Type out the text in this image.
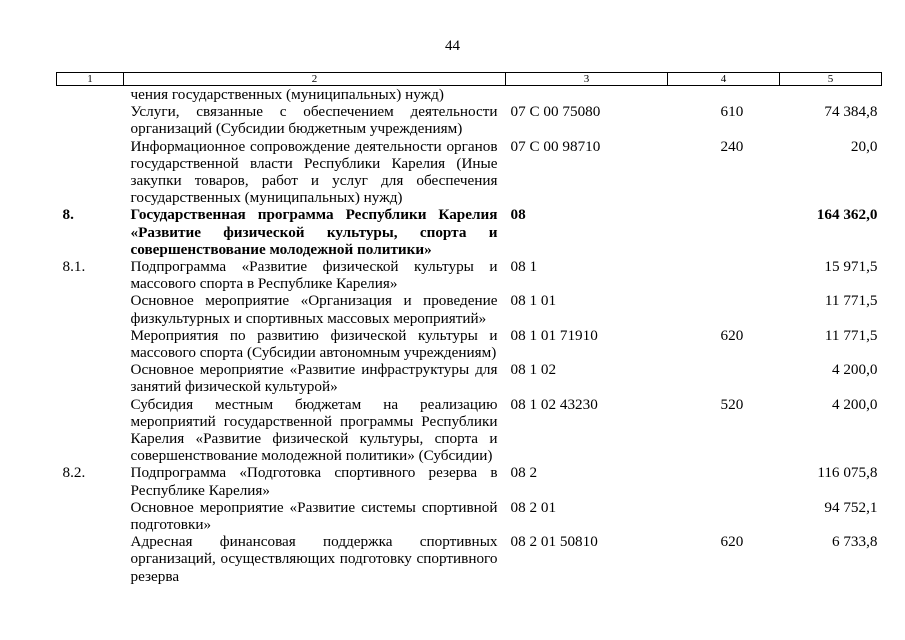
44
1	2	3	4	5
	чения государственных (муниципальных) нужд)			
	Услуги, связанные с обеспечением деятельности организаций (Субсидии бюджетным учреждениям)	07 С 00 75080	610	74 384,8
	Информационное сопровождение деятельности органов государственной власти Республики Карелия (Иные закупки товаров, работ и услуг для обеспечения государственных (муниципальных) нужд)	07 С 00 98710	240	20,0
8.	Государственная программа Республики Карелия «Развитие физической культуры, спорта и совершенствование молодежной политики»	08		164 362,0
8.1.	Подпрограмма «Развитие физической культуры и массового спорта в Республике Карелия»	08 1		15 971,5
	Основное мероприятие «Организация и проведение физкультурных и спортивных массовых мероприятий»	08 1 01		11 771,5
	Мероприятия по развитию физической культуры и массового спорта (Субсидии автономным учреждениям)	08 1 01 71910	620	11 771,5
	Основное мероприятие «Развитие инфраструктуры для занятий физической культурой»	08 1 02		4 200,0
	Субсидия местным бюджетам на реализацию мероприятий государственной программы Республики Карелия «Развитие физической культуры, спорта и совершенствование молодежной политики» (Субсидии)	08 1 02 43230	520	4 200,0
8.2.	Подпрограмма «Подготовка спортивного резерва в Республике Карелия»	08 2		116 075,8
	Основное мероприятие «Развитие системы спортивной подготовки»	08 2 01		94 752,1
	Адресная финансовая поддержка спортивных организаций, осуществляющих подготовку спортивного резерва	08 2 01 50810	620	6 733,8
